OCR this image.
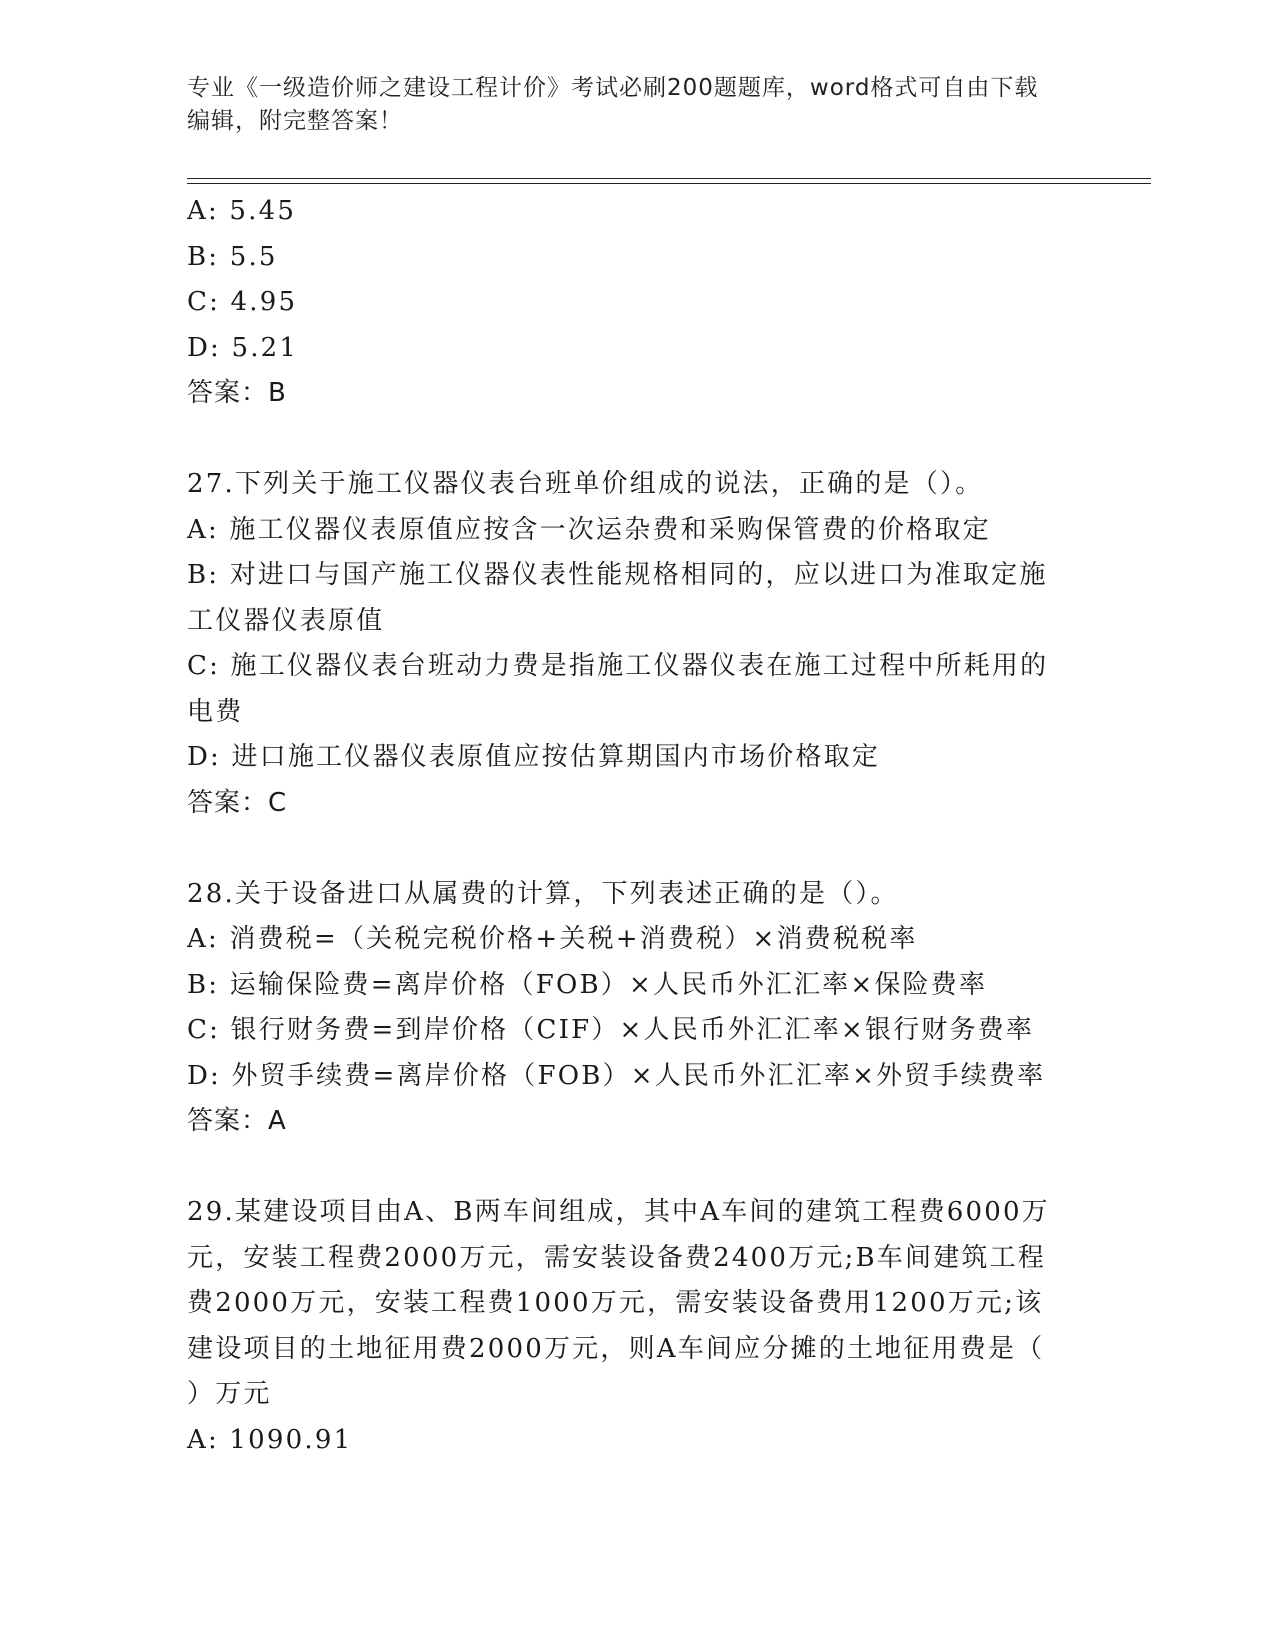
专业《一级造价师之建设工程计价》考试必刷200题题库，word格式可自由下载
编辑，附完整答案！

A: 5.45

B: 5.5

C: 4.95

D: 5.21

答案：B

27.下列关于施工仪器仪表台班单价组成的说法，正确的是（）。

A: 施工仪器仪表原值应按含一次运杂费和采购保管费的价格取定

B: 对进口与国产施工仪器仪表性能规格相同的，应以进口为准取定施

工仪器仪表原值

C: 施工仪器仪表台班动力费是指施工仪器仪表在施工过程中所耗用的

电费

D: 进口施工仪器仪表原值应按估算期国内市场价格取定

答案：C

28.关于设备进口从属费的计算，下列表述正确的是（）。

A: 消费税=（关税完税价格+关税+消费税）×消费税税率

B: 运输保险费=离岸价格（FOB）×人民币外汇汇率×保险费率

C: 银行财务费=到岸价格（CIF）×人民币外汇汇率×银行财务费率

D: 外贸手续费=离岸价格（FOB）×人民币外汇汇率×外贸手续费率

答案：A

29.某建设项目由A、B两车间组成，其中A车间的建筑工程费6000万

元，安装工程费2000万元，需安装设备费2400万元;B车间建筑工程

费2000万元，安装工程费1000万元，需安装设备费用1200万元;该

建设项目的土地征用费2000万元，则A车间应分摊的土地征用费是（

）万元

A: 1090.91
